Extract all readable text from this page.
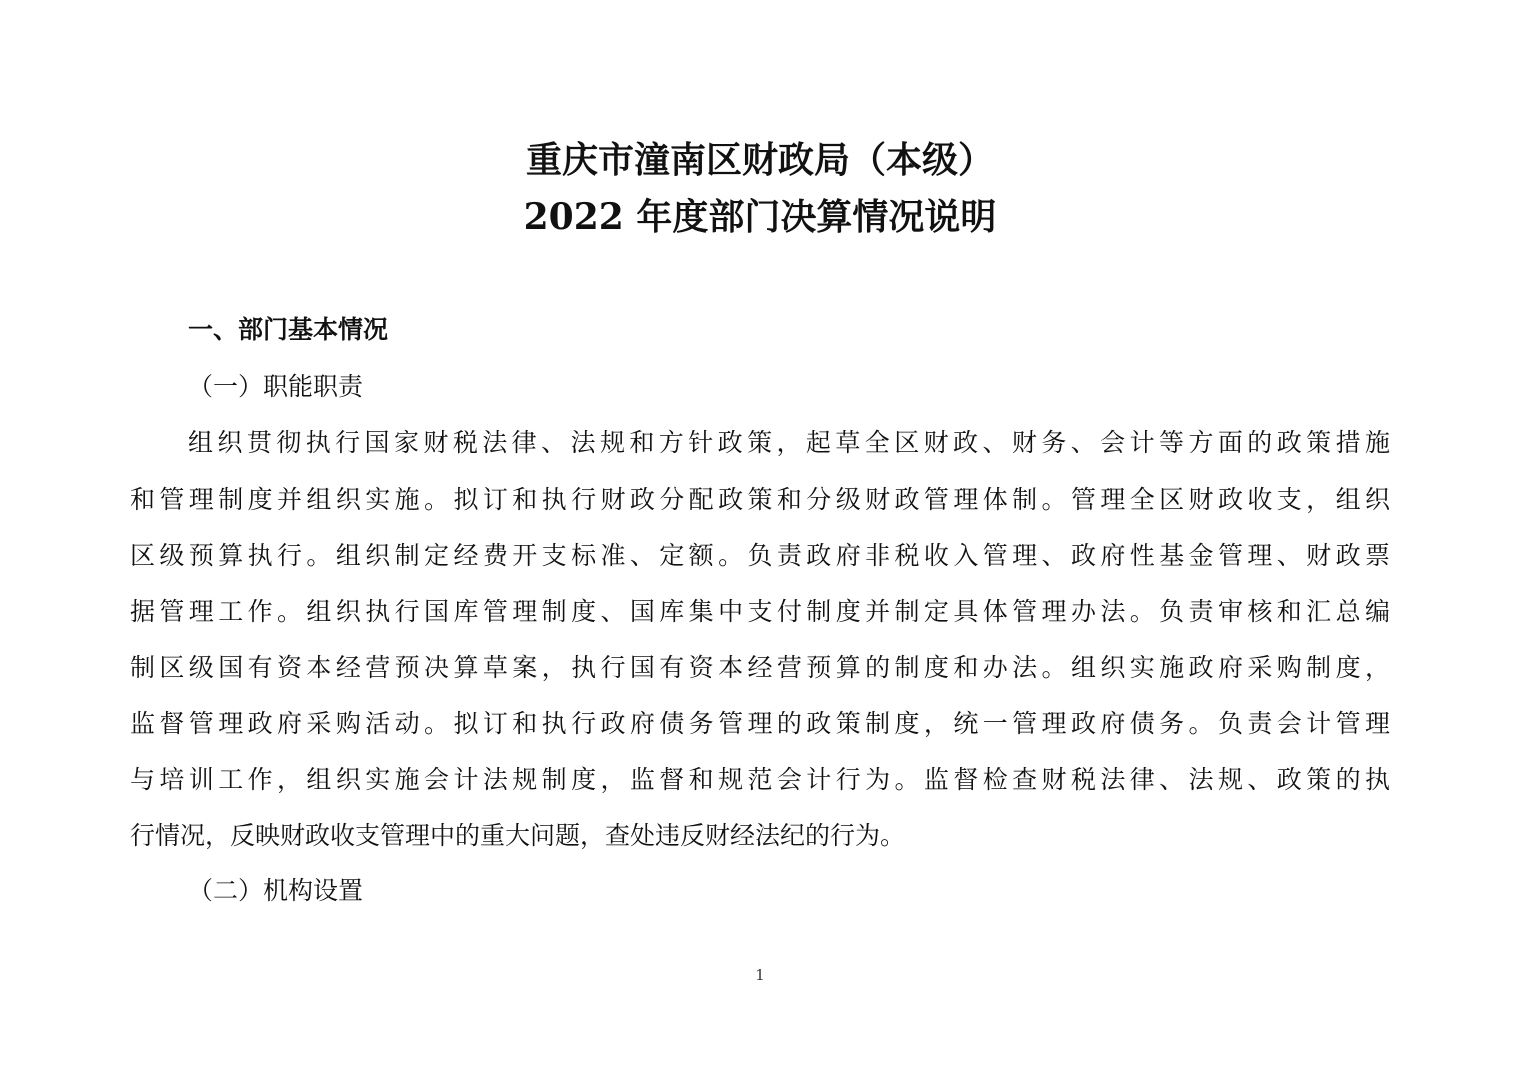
重庆市潼南区财政局（本级）
2022 年度部门决算情况说明
一、部门基本情况
（一）职能职责
组织贯彻执行国家财税法律、法规和方针政策，起草全区财政、财务、会计等方面的政策措施
和管理制度并组织实施。拟订和执行财政分配政策和分级财政管理体制。管理全区财政收支，组织
区级预算执行。组织制定经费开支标准、定额。负责政府非税收入管理、政府性基金管理、财政票
据管理工作。组织执行国库管理制度、国库集中支付制度并制定具体管理办法。负责审核和汇总编
制区级国有资本经营预决算草案，执行国有资本经营预算的制度和办法。组织实施政府采购制度，
监督管理政府采购活动。拟订和执行政府债务管理的政策制度，统一管理政府债务。负责会计管理
与培训工作，组织实施会计法规制度，监督和规范会计行为。监督检查财税法律、法规、政策的执
行情况，反映财政收支管理中的重大问题，查处违反财经法纪的行为。
（二）机构设置
1
